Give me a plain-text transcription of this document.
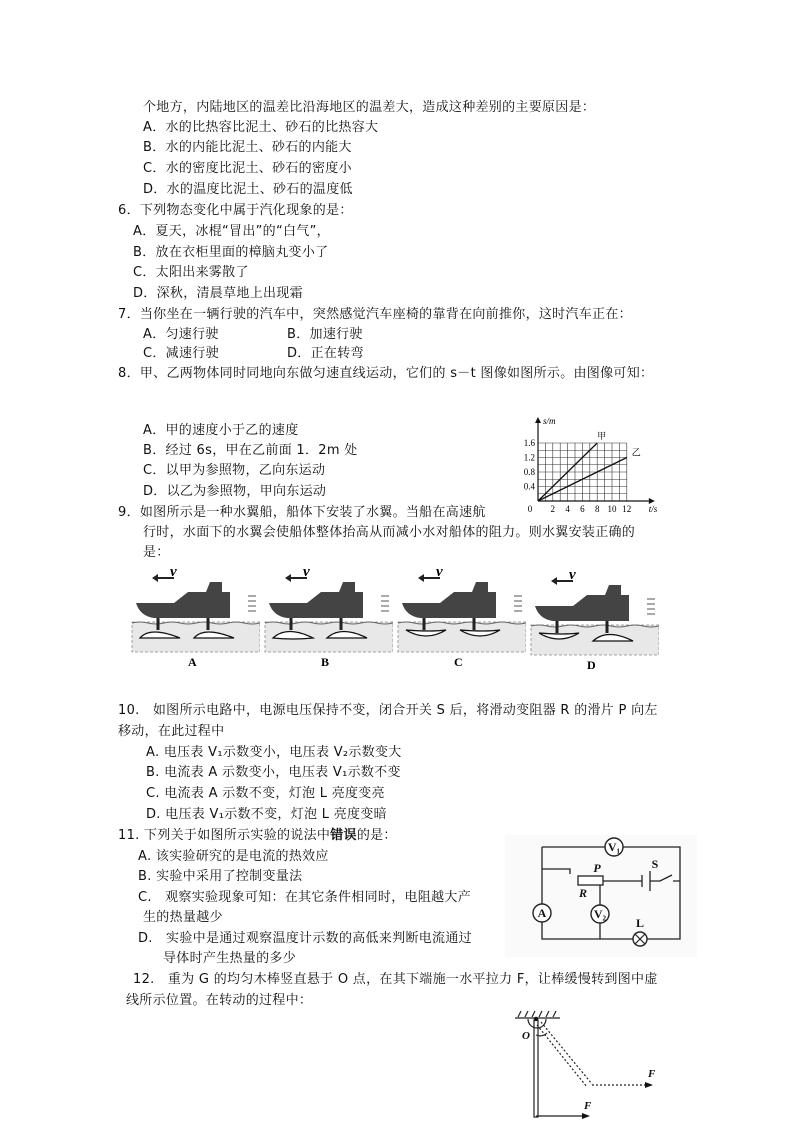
个地方，内陆地区的温差比沿海地区的温差大，造成这种差别的主要原因是：
A．水的比热容比泥土、砂石的比热容大
B．水的内能比泥土、砂石的内能大
C．水的密度比泥土、砂石的密度小
D．水的温度比泥土、砂石的温度低
6．下列物态变化中属于汽化现象的是：
A．夏天，冰棍“冒出”的“白气”，
B．放在衣柜里面的樟脑丸变小了
C．太阳出来雾散了
D．深秋，清晨草地上出现霜
7．当你坐在一辆行驶的汽车中，突然感觉汽车座椅的靠背在向前推你，这时汽车正在：
A．匀速行驶	B．加速行驶
C．减速行驶	D．正在转弯
8．甲、乙两物体同时同地向东做匀速直线运动，它们的 s－t 图像如图所示。由图像可知：
A．甲的速度小于乙的速度
B．经过 6s，甲在乙前面 1．2m 处
C．以甲为参照物，乙向东运动
D．以乙为参照物，甲向东运动
0 2 4 6 8 10 12
0.4
0.8
1.2
1.6
s/m
t/s
甲
乙
9．如图所示是一种水翼船，船体下安装了水翼。当船在高速航
行时，水面下的水翼会使船体整体抬高从而减小水对船体的阻力。则水翼安装正确的
是：
v
A
v
B
v
C
v
D
10.　如图所示电路中，电源电压保持不变，闭合开关 S 后，将滑动变阻器 R 的滑片 P 向左
移动，在此过程中
A. 电压表 V₁示数变小，电压表 V₂示数变大
B. 电流表 A 示数变小，电压表 V₁示数不变
C. 电流表 A 示数不变，灯泡 L 亮度变亮
D. 电压表 V₁示数不变，灯泡 L 亮度变暗
11. 下列关于如图所示实验的说法中错误的是：
A. 该实验研究的是电流的热效应
B. 实验中采用了控制变量法
C.　观察实验现象可知：在其它条件相同时，电阻越大产
生的热量越少
D.　实验中是通过观察温度计示数的高低来判断电流通过
导体时产生热量的多少
V₁
A	V₂
P
R
S
L
12.　重为 G 的均匀木棒竖直悬于 O 点，在其下端施一水平拉力 F，让棒缓慢转到图中虚
线所示位置。在转动的过程中：
O
F
F
